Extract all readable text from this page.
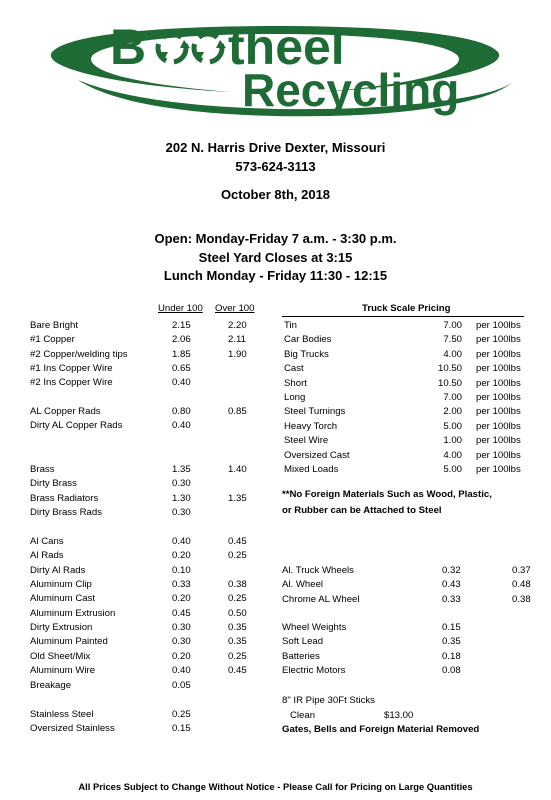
B theel
Recycling
202 N. Harris Drive Dexter, Missouri
573-624-3113
October 8th, 2018
Open: Monday-Friday 7 a.m. - 3:30 p.m.
Steel Yard Closes at 3:15
Lunch Monday - Friday 11:30 - 12:15
Under 100 Over 100	Truck Scale Pricing
Bare Bright	2.15	2.20
#1 Copper	2.06	2.11
#2 Copper/welding tips	1.85	1.90
#1 Ins Copper Wire	0.65
#2 Ins Copper Wire	0.40
AL Copper Rads	0.80	0.85
Dirty AL Copper Rads	0.40
Brass	1.35	1.40
Dirty Brass	0.30
Brass Radiators	1.30	1.35
Dirty Brass Rads	0.30
Al Cans	0.40	0.45
Al Rads	0.20	0.25
Dirty Al Rads	0.10
Aluminum Clip	0.33	0.38
Aluminum Cast	0.20	0.25
Aluminum Extrusion	0.45	0.50
Dirty Extrusion	0.30	0.35
Aluminum Painted	0.30	0.35
Old Sheet/Mix	0.20	0.25
Aluminum Wire	0.40	0.45
Breakage	0.05
Stainless Steel	0.25
Oversized Stainless	0.15
Tin	7.00 per 100lbs
Car Bodies	7.50 per 100lbs
Big Trucks	4.00 per 100lbs
Cast	10.50 per 100lbs
Short	10.50 per 100lbs
Long	7.00 per 100lbs
Steel Turnings	2.00 per 100lbs
Heavy Torch	5.00 per 100lbs
Steel Wire	1.00 per 100lbs
Oversized Cast	4.00 per 100lbs
Mixed Loads	5.00 per 100lbs
**No Foreign Materials Such as Wood, Plastic,
or Rubber can be Attached to Steel
Al. Truck Wheels	0.32	0.37
Al. Wheel	0.43	0.48
Chrome AL Wheel	0.33	0.38
Wheel Weights	0.15
Soft Lead	0.35
Batteries	0.18
Electric Motors	0.08
8" IR Pipe 30Ft Sticks
Clean	$13.00
Gates, Bells and Foreign Material Removed
All Prices Subject to Change Without Notice - Please Call for Pricing on Large Quantities
